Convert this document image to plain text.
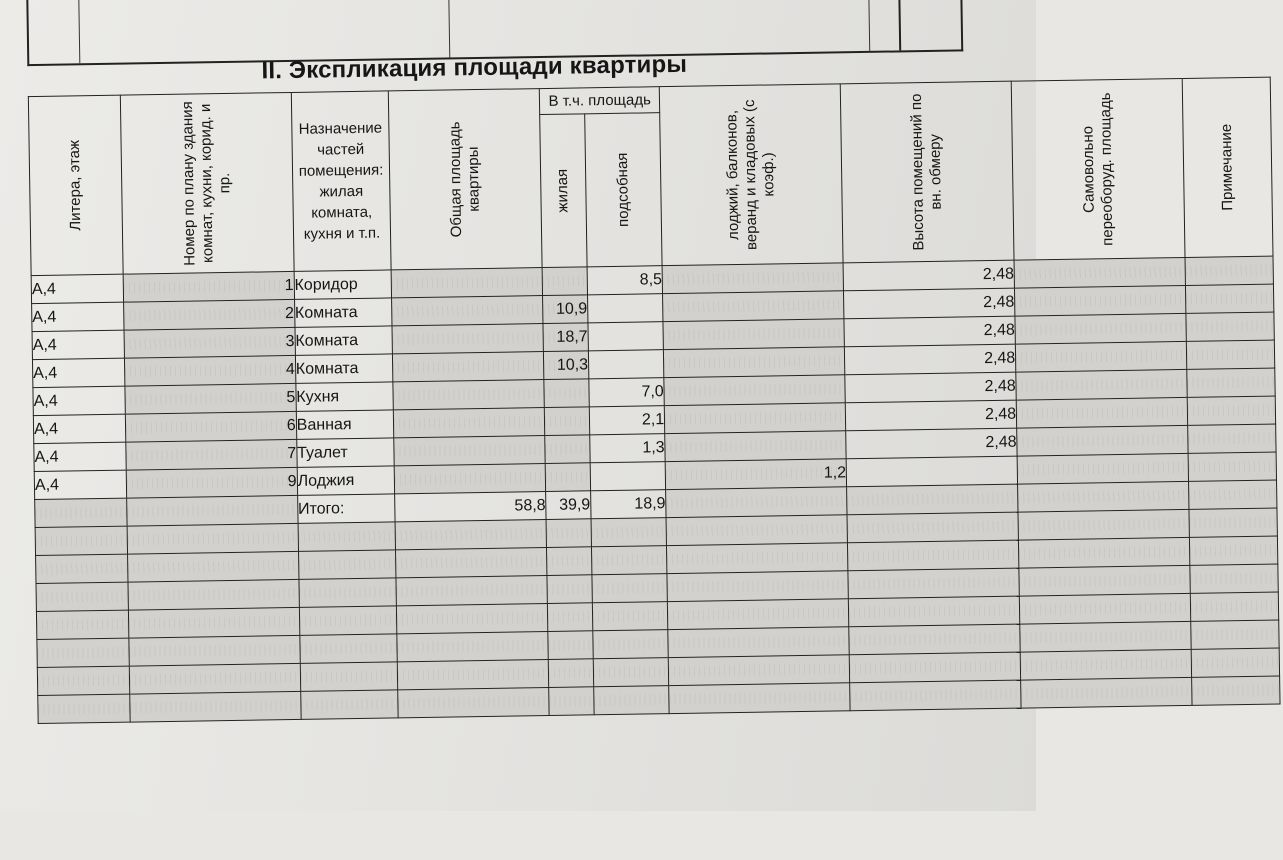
II. Экспликация площади квартиры
Литера, этаж	Номер по плану здания комнат, кухни, корид. и пр.	Назначение частей помещения: жилая комната, кухня и т.п.	Общая площадь квартиры	В т.ч. площадь		лоджий, балконов, веранд и кладовых (с коэф.)	Высота помещений по вн. обмеру	Самовольно переоборуд. площадь	Примечание
				жилая	подсобная				
А,4	1	Коридор			8,5		2,48		
А,4	2	Комната		10,9			2,48		
А,4	3	Комната		18,7			2,48		
А,4	4	Комната		10,3			2,48		
А,4	5	Кухня			7,0		2,48		
А,4	6	Ванная			2,1		2,48		
А,4	7	Туалет			1,3		2,48		
А,4	9	Лоджия				1,2			
		Итого:	58,8	39,9	18,9				
